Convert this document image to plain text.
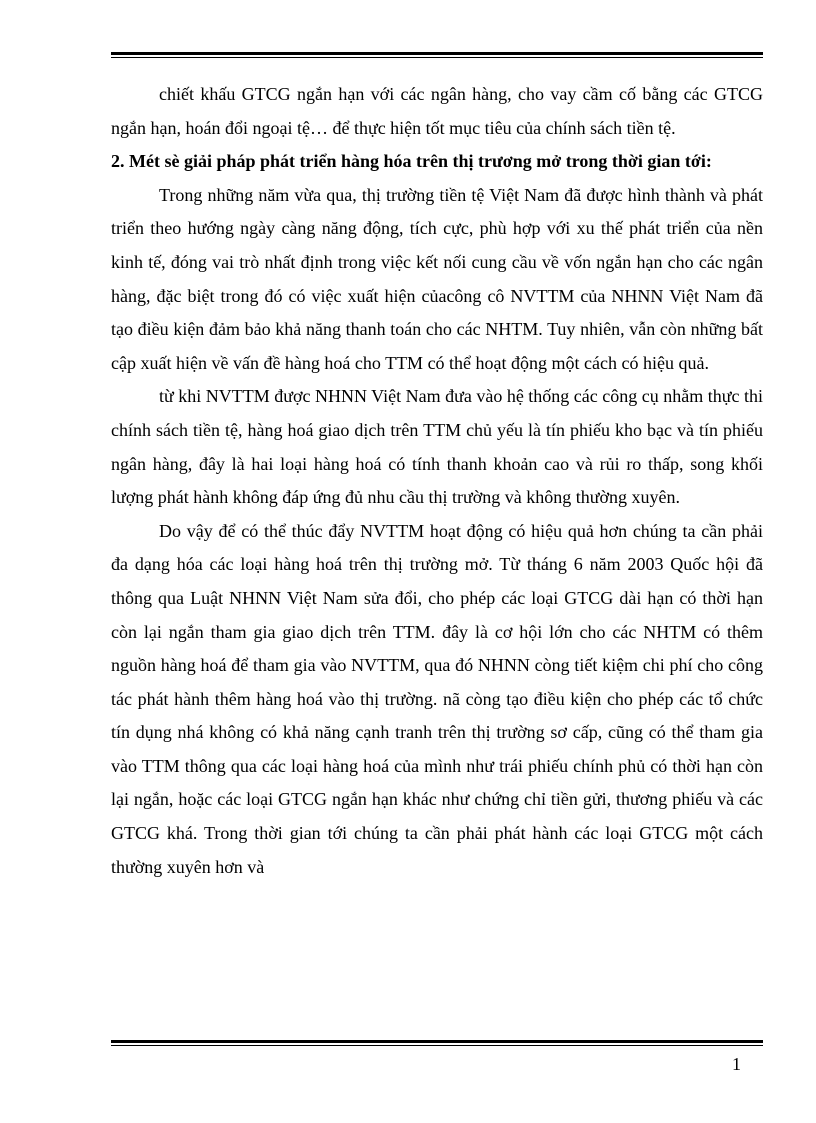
chiết khấu GTCG ngắn hạn với các ngân hàng, cho vay cầm cố bằng các GTCG ngắn hạn, hoán đổi ngoại tệ… để thực hiện tốt mục tiêu của chính sách tiền tệ.

2. Mét sè giải pháp phát triển hàng hóa trên thị trương mở trong thời gian tới:

Trong những năm vừa qua, thị trường tiền tệ Việt Nam đã được hình thành và phát triển theo hướng ngày càng năng động, tích cực, phù hợp với xu thế phát triển của nền kinh tế, đóng vai trò nhất định trong việc kết nối cung cầu về vốn ngắn hạn cho các ngân hàng, đặc biệt trong đó có việc xuất hiện củacông cô NVTTM của NHNN Việt Nam đã tạo điều kiện đảm bảo khả năng thanh toán cho các NHTM. Tuy nhiên, vẫn còn những bất cập xuất hiện về vấn đề hàng hoá cho TTM có thể hoạt động một cách có hiệu quả.

từ khi NVTTM được NHNN Việt Nam đưa vào hệ thống các công cụ nhằm thực thi chính sách tiền tệ, hàng hoá giao dịch trên TTM chủ yếu là tín phiếu kho bạc và tín phiếu ngân hàng, đây là hai loại hàng hoá có tính thanh khoản cao và rủi ro thấp, song khối lượng phát hành không đáp ứng đủ nhu cầu thị trường và không thường xuyên.

Do vậy để có thể thúc đẩy NVTTM hoạt động có hiệu quả hơn chúng ta cần phải đa dạng hóa các loại hàng hoá trên thị trường mở. Từ tháng 6 năm 2003 Quốc hội đã thông qua Luật NHNN Việt Nam sửa đổi, cho phép các loại GTCG dài hạn có thời hạn còn lại ngắn tham gia giao dịch trên TTM. đây là cơ hội lớn cho các NHTM có thêm nguồn hàng hoá để tham gia vào NVTTM, qua đó NHNN còng tiết kiệm chi phí cho công tác phát hành thêm hàng hoá vào thị trường. nã còng tạo điều kiện cho phép các tổ chức tín dụng nhá không có khả năng cạnh tranh trên thị trường sơ cấp, cũng có thể tham gia vào TTM thông qua các loại hàng hoá của mình như trái phiếu chính phủ có thời hạn còn lại ngắn, hoặc các loại GTCG ngắn hạn khác như chứng chỉ tiền gửi, thương phiếu và các GTCG khá. Trong thời gian tới chúng ta cần phải phát hành các loại GTCG một cách thường xuyên hơn và

1
